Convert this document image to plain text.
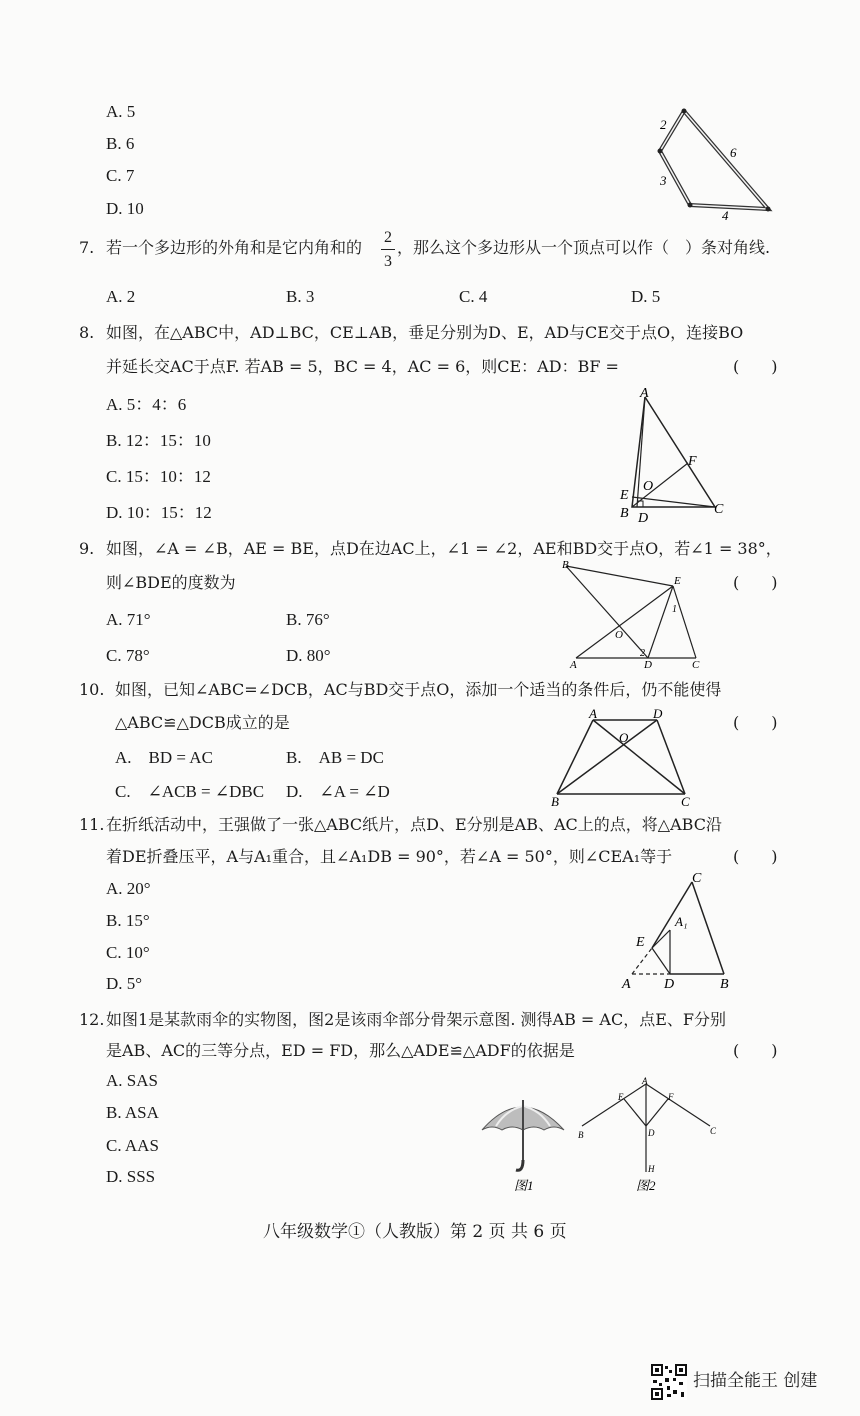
A. 5
B. 6
C. 7
D. 10
2
6
3
4
7. 若一个多边形的外角和是它内角和的
2
3
，那么这个多边形从一个顶点可以作（　）条对角线.
A. 2	B. 3	C. 4	D. 5
8. 如图，在△ABC中，AD⊥BC，CE⊥AB，垂足分别为D、E，AD与CE交于点O，连接BO
并延长交AC于点F. 若AB = 5，BC = 4，AC = 6，则CE：AD：BF =	(　　)
A. 5：4：6
B. 12：15：10
C. 15：10：12
D. 10：15：12
A
F
E
O
B D
C
9. 如图，∠A = ∠B，AE = BE，点D在边AC上，∠1 = ∠2，AE和BD交于点O，若∠1 = 38°，
则∠BDE的度数为	(　　)
A. 71°	B. 76°
C. 78°	D. 80°
B
E
1
O
2
A	D	C
10. 如图，已知∠ABC=∠DCB，AC与BD交于点O，添加一个适当的条件后，仍不能使得
△ABC≌△DCB成立的是	(　　)
A.　BD = AC	B.　AB = DC
C.　∠ACB = ∠DBC D.　∠A = ∠D
A	D
O
B	C
11. 在折纸活动中，王强做了一张△ABC纸片，点D、E分别是AB、AC上的点，将△ABC沿
着DE折叠压平，A与A₁重合，且∠A₁DB = 90°，若∠A = 50°，则∠CEA₁等于	(　　)
A. 20°
B. 15°
C. 10°
D. 5°
C
A₁
E
A D	B
12. 如图1是某款雨伞的实物图，图2是该雨伞部分骨架示意图. 测得AB = AC，点E、F分别
是AB、AC的三等分点，ED = FD，那么△ADE≌△ADF的依据是	(　　)
A. SAS
B. ASA
C. AAS
D. SSS	图1
A
E	F
B	D	C
H
图2
八年级数学①（人教版）第 2 页 共 6 页
扫描全能王 创建
